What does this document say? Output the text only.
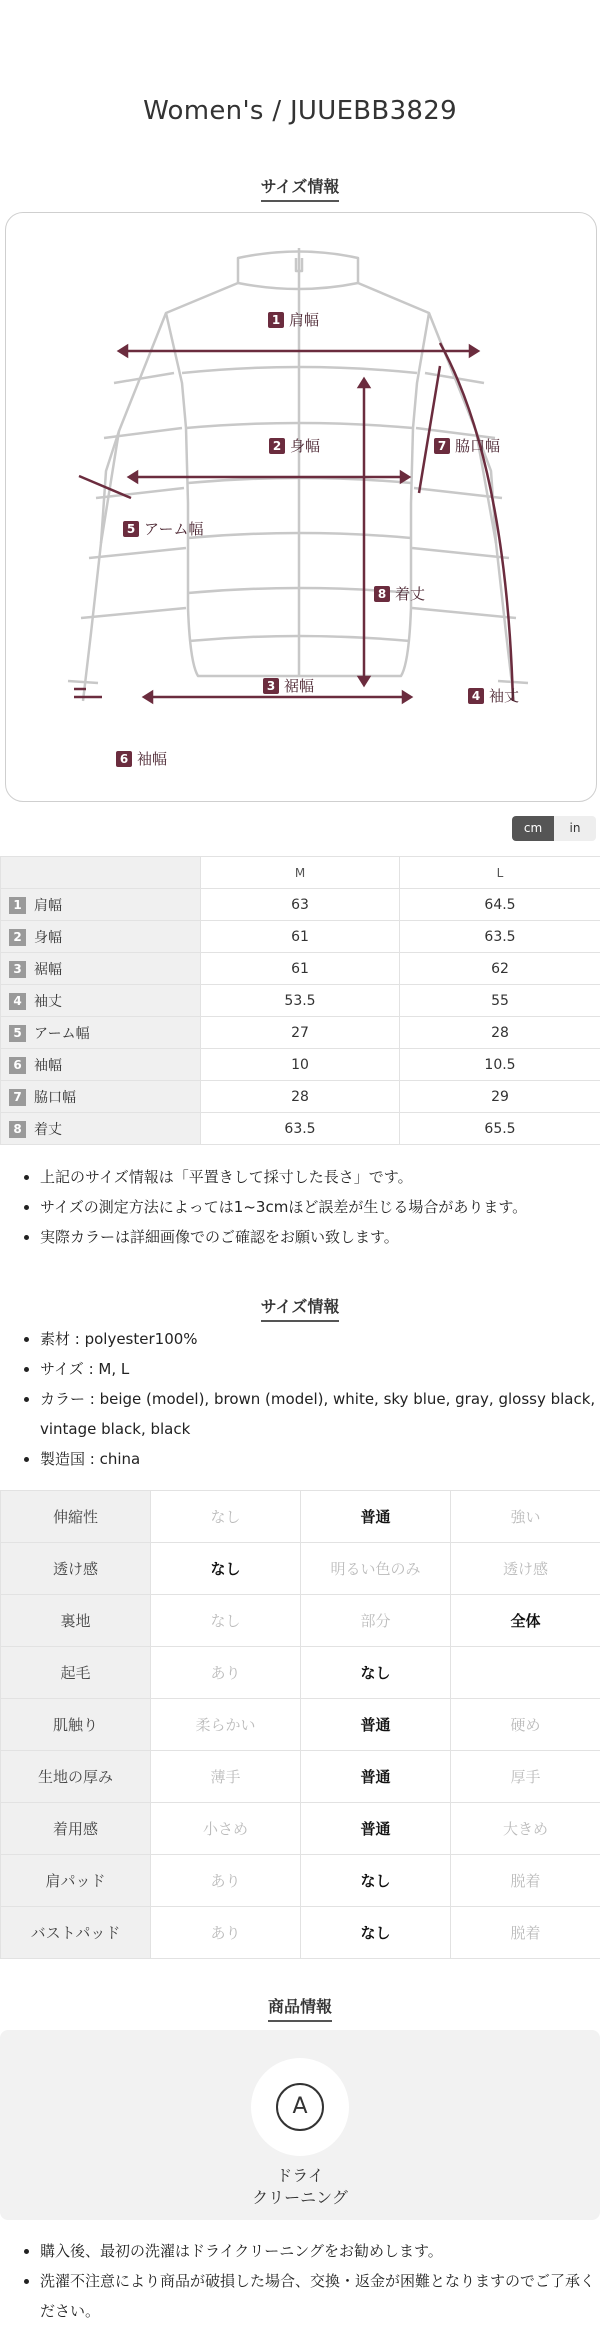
Women's / JUUEBB3829
サイズ情報
1 肩幅
2 身幅
3 裾幅
4 袖丈
5 アーム幅
6 袖幅
7 脇口幅
8 着丈
cm	in
	M	L
1 肩幅	63	64.5
2 身幅	61	63.5
3 裾幅	61	62
4 袖丈	53.5	55
5 アーム幅	27	28
6 袖幅	10	10.5
7 脇口幅	28	29
8 着丈	63.5	65.5
• 上記のサイズ情報は「平置きして採寸した長さ」です。
• サイズの測定方法によっては1~3cmほど誤差が生じる場合があります。
• 実際カラーは詳細画像でのご確認をお願い致します。
サイズ情報
• 素材 : polyester100%
• サイズ : M, L
• カラー : beige (model), brown (model), white, sky blue, gray, glossy black, vintage black, black
• 製造国 : china
伸縮性	なし	普通	強い
透け感	なし	明るい色のみ	透け感
裏地	なし	部分	全体
起毛	あり	なし	
肌触り	柔らかい	普通	硬め
生地の厚み	薄手	普通	厚手
着用感	小さめ	普通	大きめ
肩パッド	あり	なし	脱着
バストパッド	あり	なし	脱着
商品情報
A
ドライ
クリーニング
• 購入後、最初の洗濯はドライクリーニングをお勧めします。
• 洗濯不注意により商品が破損した場合、交換・返金が困難となりますのでご了承ください。
